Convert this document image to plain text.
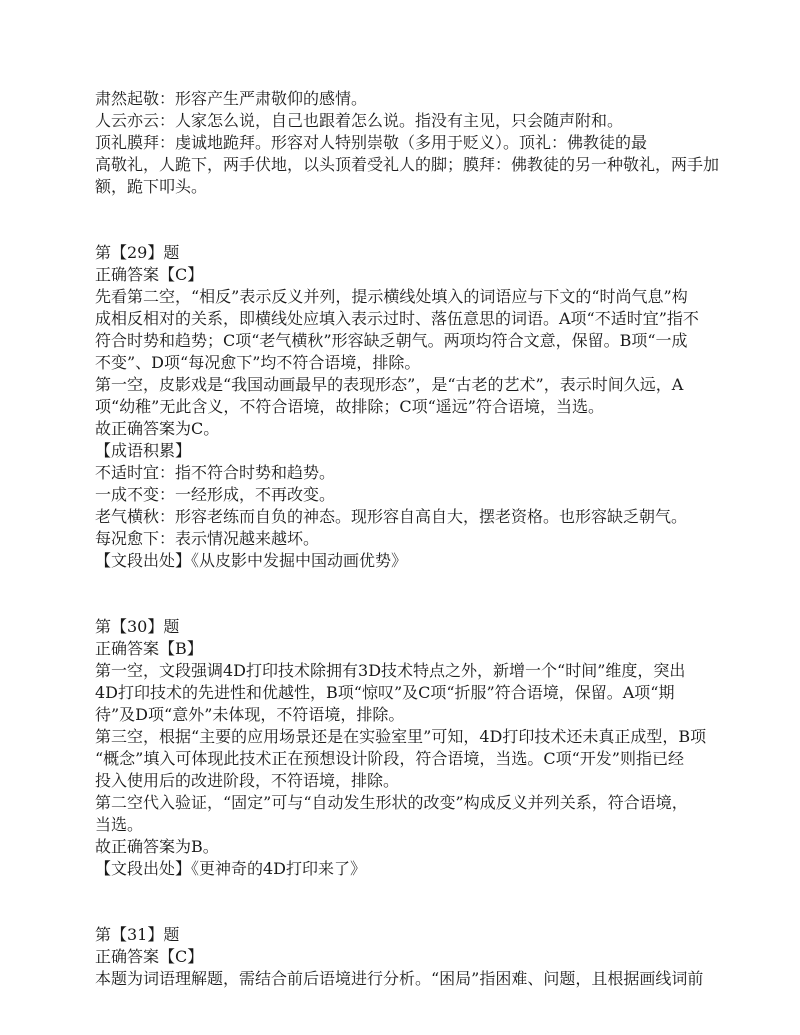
肃然起敬：形容产生严肃敬仰的感情。
人云亦云：人家怎么说，自己也跟着怎么说。指没有主见，只会随声附和。
顶礼膜拜：虔诚地跪拜。形容对人特别崇敬（多用于贬义）。顶礼：佛教徒的最
高敬礼，人跪下，两手伏地，以头顶着受礼人的脚；膜拜：佛教徒的另一种敬礼，两手加
额，跪下叩头。
第【29】题
正确答案【C】
先看第二空，“相反”表示反义并列，提示横线处填入的词语应与下文的“时尚气息”构
成相反相对的关系，即横线处应填入表示过时、落伍意思的词语。A项“不适时宜”指不
符合时势和趋势；C项“老气横秋”形容缺乏朝气。两项均符合文意，保留。B项“一成
不变”、D项“每况愈下”均不符合语境，排除。
第一空，皮影戏是“我国动画最早的表现形态”，是“古老的艺术”，表示时间久远，A
项“幼稚”无此含义，不符合语境，故排除；C项“遥远”符合语境，当选。
故正确答案为C。
【成语积累】
不适时宜：指不符合时势和趋势。
一成不变：一经形成，不再改变。
老气横秋：形容老练而自负的神态。现形容自高自大，摆老资格。也形容缺乏朝气。
每况愈下：表示情况越来越坏。
【文段出处】《从皮影中发掘中国动画优势》
第【30】题
正确答案【B】
第一空，文段强调4D打印技术除拥有3D技术特点之外，新增一个“时间”维度，突出
4D打印技术的先进性和优越性，B项“惊叹”及C项“折服”符合语境，保留。A项“期
待”及D项“意外”未体现，不符语境，排除。
第三空，根据“主要的应用场景还是在实验室里”可知，4D打印技术还未真正成型，B项
“概念”填入可体现此技术正在预想设计阶段，符合语境，当选。C项“开发”则指已经
投入使用后的改进阶段，不符语境，排除。
第二空代入验证，“固定”可与“自动发生形状的改变”构成反义并列关系，符合语境，
当选。
故正确答案为B。
【文段出处】《更神奇的4D打印来了》
第【31】题
正确答案【C】
本题为词语理解题，需结合前后语境进行分析。“困局”指困难、问题，且根据画线词前
